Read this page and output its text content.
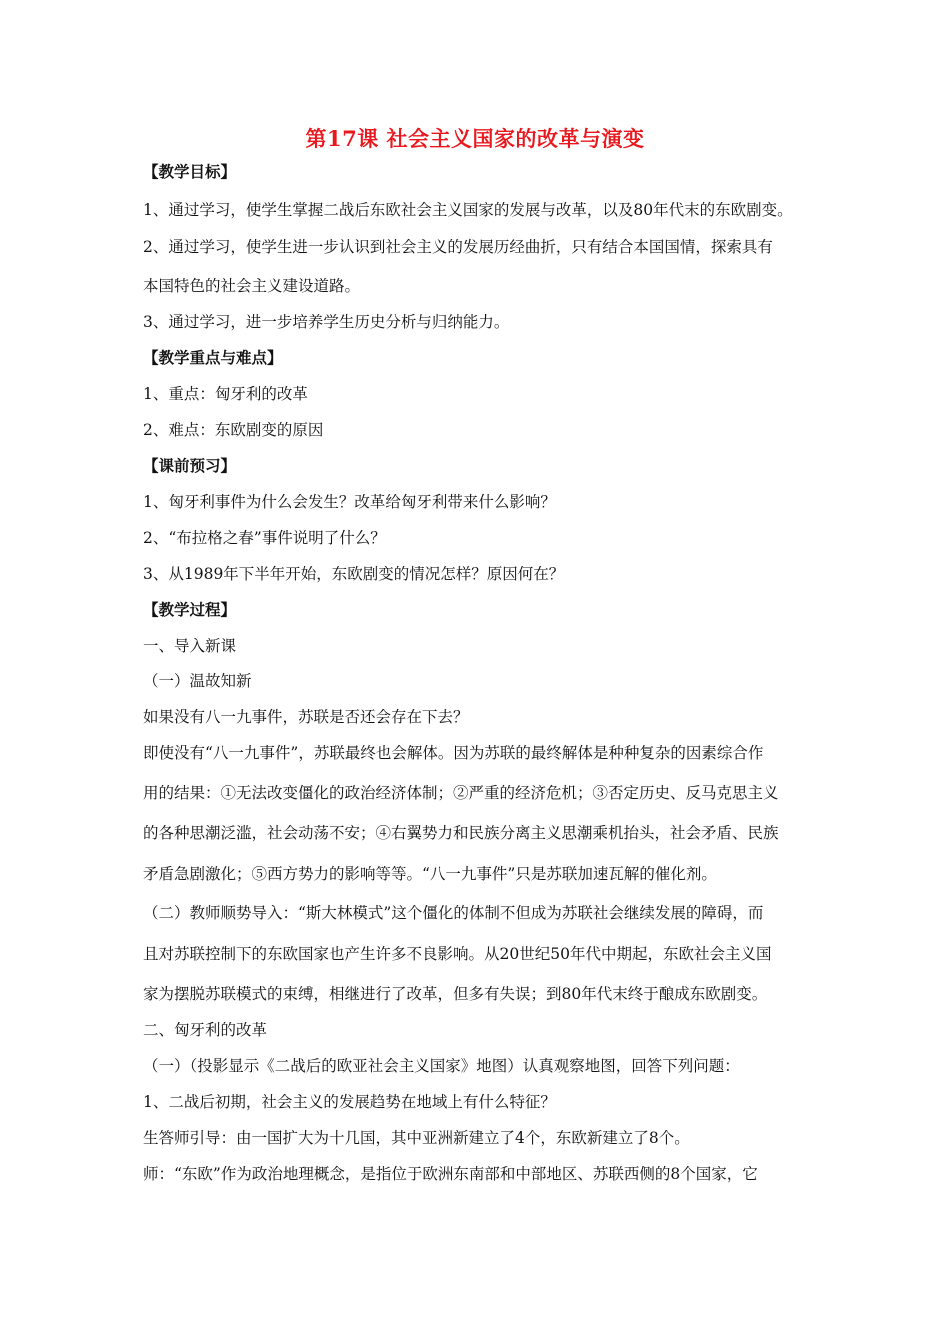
第17课 社会主义国家的改革与演变
【教学目标】
1、通过学习，使学生掌握二战后东欧社会主义国家的发展与改革，以及80年代末的东欧剧变。
2、通过学习，使学生进一步认识到社会主义的发展历经曲折，只有结合本国国情，探索具有
本国特色的社会主义建设道路。
3、通过学习，进一步培养学生历史分析与归纳能力。
【教学重点与难点】
1、重点：匈牙利的改革
2、难点：东欧剧变的原因
【课前预习】
1、匈牙利事件为什么会发生？改革给匈牙利带来什么影响？
2、“布拉格之春”事件说明了什么？
3、从1989年下半年开始，东欧剧变的情况怎样？原因何在？
【教学过程】
一、导入新课
（一）温故知新
如果没有八一九事件，苏联是否还会存在下去？
即使没有“八一九事件”，苏联最终也会解体。因为苏联的最终解体是种种复杂的因素综合作
用的结果：①无法改变僵化的政治经济体制；②严重的经济危机；③否定历史、反马克思主义
的各种思潮泛滥，社会动荡不安；④右翼势力和民族分离主义思潮乘机抬头，社会矛盾、民族
矛盾急剧激化；⑤西方势力的影响等等。“八一九事件”只是苏联加速瓦解的催化剂。
（二）教师顺势导入：“斯大林模式”这个僵化的体制不但成为苏联社会继续发展的障碍，而
且对苏联控制下的东欧国家也产生许多不良影响。从20世纪50年代中期起，东欧社会主义国
家为摆脱苏联模式的束缚，相继进行了改革，但多有失误；到80年代末终于酿成东欧剧变。
二、匈牙利的改革
（一）（投影显示《二战后的欧亚社会主义国家》地图）认真观察地图，回答下列问题：
1、二战后初期，社会主义的发展趋势在地域上有什么特征？
生答师引导：由一国扩大为十几国，其中亚洲新建立了4个，东欧新建立了8个。
师：“东欧”作为政治地理概念，是指位于欧洲东南部和中部地区、苏联西侧的8个国家，它
